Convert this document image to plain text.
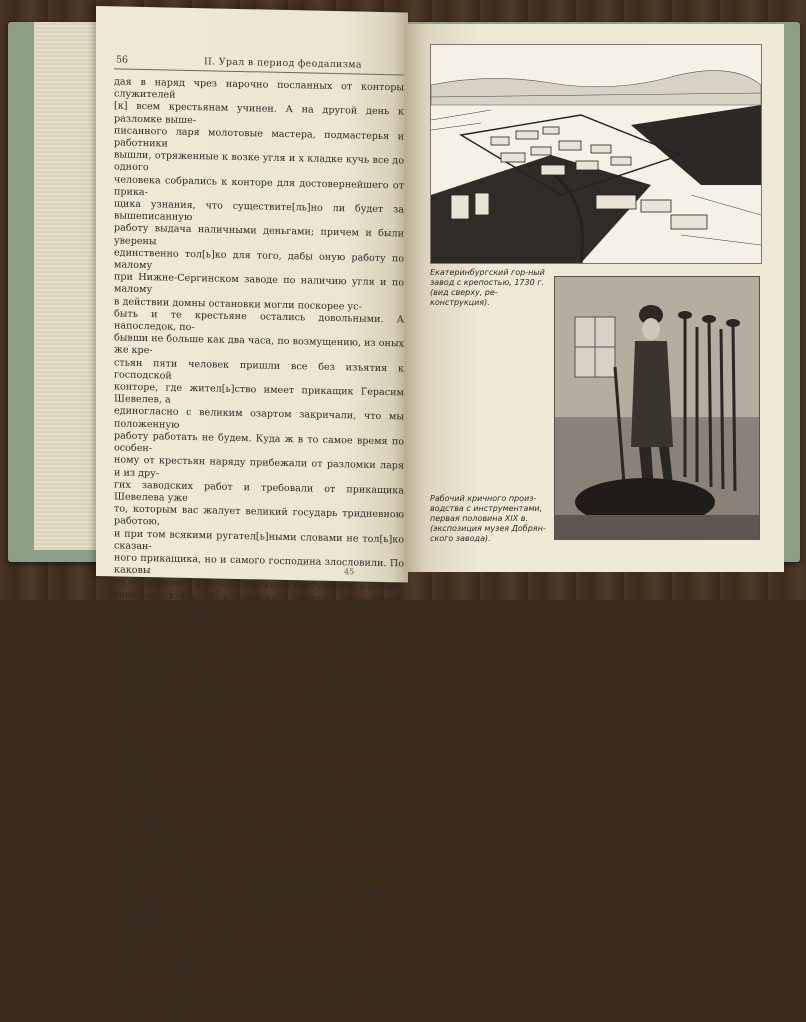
56	II. Урал в период феодализма

дая в наряд чрез нарочно посланных от конторы служителей

[к] всем крестьянам учинен. А на другой день к разломке выше-

писанного ларя молотовые мастера, подмастерья и работники

вышли, отряженные к возке угля и х кладке кучь все до одного

человека собрались к конторе для достовернейшего от прика-

щика узнания, что существите[ль]но ли будет за вышеписанную

работу выдача наличными деньгами; причем и были уверены

единственно тол[ь]ко для того, дабы оную работу по малому

при Нижне-Сергинском заводе по наличию угля и по малому

в действии домны остановки могли поскорее ус-

быть и те крестьяне остались довольными. А напоследок, по-

бывши не больше как два часа, по возмущению, из оных же кре-

стьян пяти человек пришли все без изъятия к господской

конторе, где жител[ь]ство имеет прикащик Герасим Шевелев, а

единогласно с великим озартом закричали, что мы положенную

работу работать не будем. Куда ж в то самое время по особен-

ному от крестьян наряду прибежали от разломки ларя и из дру-

гих заводских работ и требовали от прикащика Шевелева уже

то, которым вас жалует великий государь тридневною работою,

и при том всякими ругател[ь]ными словами не тол[ь]ко сказан-

ного прикащика, но и самого господина злословили. По каковы

их ослушанием и похабническими поступками, а более

таковых взять под стражу, отчего возмущение прикащик и прика-

контору, их и самого прикащика избили безчеловечно; есть ли

не избавился из их рук, то бы, богу известно, чтоб могло и последо-

вать. А как ево именованного в Екатеринбург в Сергинских заводах

ное в Екатеринбург в Сергинских заводах не было и отлучи-

лось тогда крестьяне и ныне также находятся по своей воле ко-

тор[е] непослушными, а которые за возмущение и за разные

дерские не поступки подходят к законному суждению, то по по-

отличность его под стражу взятые не были. По приезде ж

на завод 5-го числа сего июля и были нарочно посланными

служителями взяты в контору два человека для отсылки к за-

конному суждению, а три человека неизвестно куда учинили

побег. Узнав же о том, что в бегах находятся, ис оных

человека с таковым об[ь]яснением: есть ли де посаженные ими

человека под стражу выпущены не будут, то последовать может

худое. А напоследок оставя работы пришли все к конторе насиль-

но, и находящися у разломки палками, словом сказать, ино-

в какой работе ни был и чем работал, тот с тем и пришел. Коих

45
Екатеринбургский гор-ный завод с крепостью, 1730 г. (вид сверху, ре-конструкция).
Рабочий кричного произ-водства с инструментами, первая половина XIX в. (экспозиция музея Добрян-ского завода).
